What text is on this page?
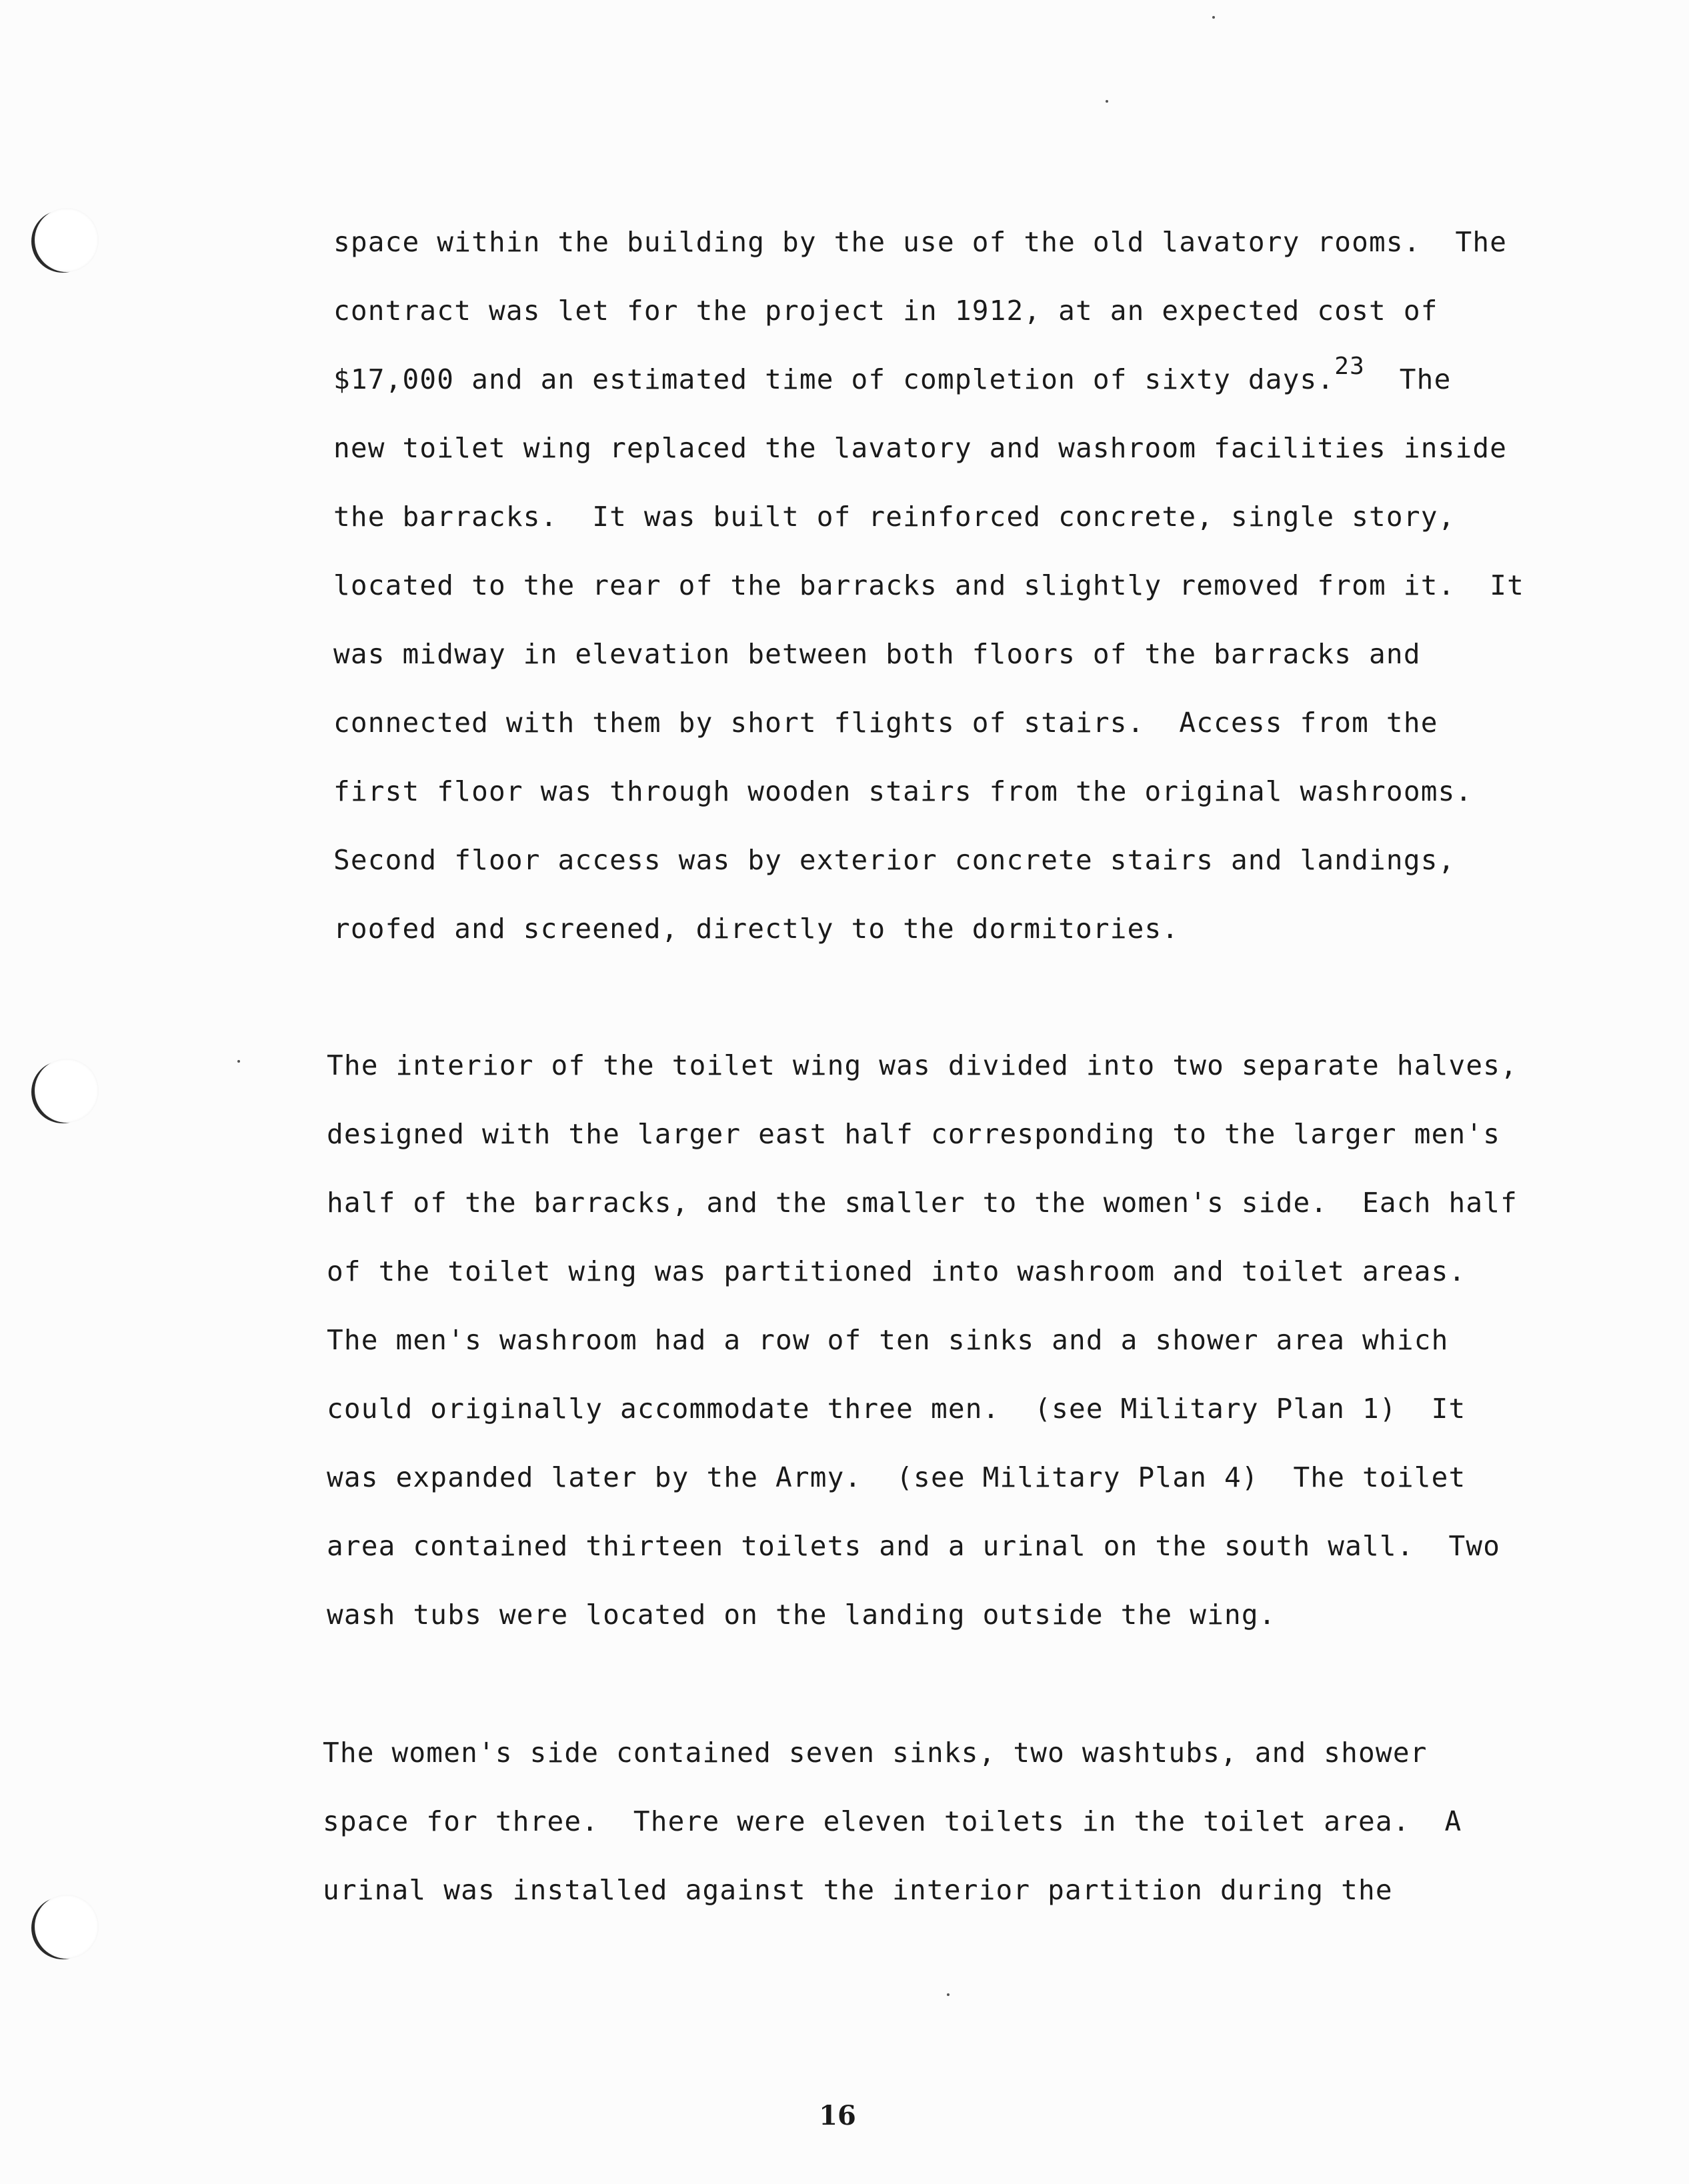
space within the building by the use of the old lavatory rooms.  The
contract was let for the project in 1912, at an expected cost of
$17,000 and an estimated time of completion of sixty days.23  The
new toilet wing replaced the lavatory and washroom facilities inside
the barracks.  It was built of reinforced concrete, single story,
located to the rear of the barracks and slightly removed from it.  It
was midway in elevation between both floors of the barracks and
connected with them by short flights of stairs.  Access from the
first floor was through wooden stairs from the original washrooms.
Second floor access was by exterior concrete stairs and landings,
roofed and screened, directly to the dormitories.
The interior of the toilet wing was divided into two separate halves,
designed with the larger east half corresponding to the larger men's
half of the barracks, and the smaller to the women's side.  Each half
of the toilet wing was partitioned into washroom and toilet areas.
The men's washroom had a row of ten sinks and a shower area which
could originally accommodate three men.  (see Military Plan 1)  It
was expanded later by the Army.  (see Military Plan 4)  The toilet
area contained thirteen toilets and a urinal on the south wall.  Two
wash tubs were located on the landing outside the wing.
The women's side contained seven sinks, two washtubs, and shower
space for three.  There were eleven toilets in the toilet area.  A
urinal was installed against the interior partition during the
16
